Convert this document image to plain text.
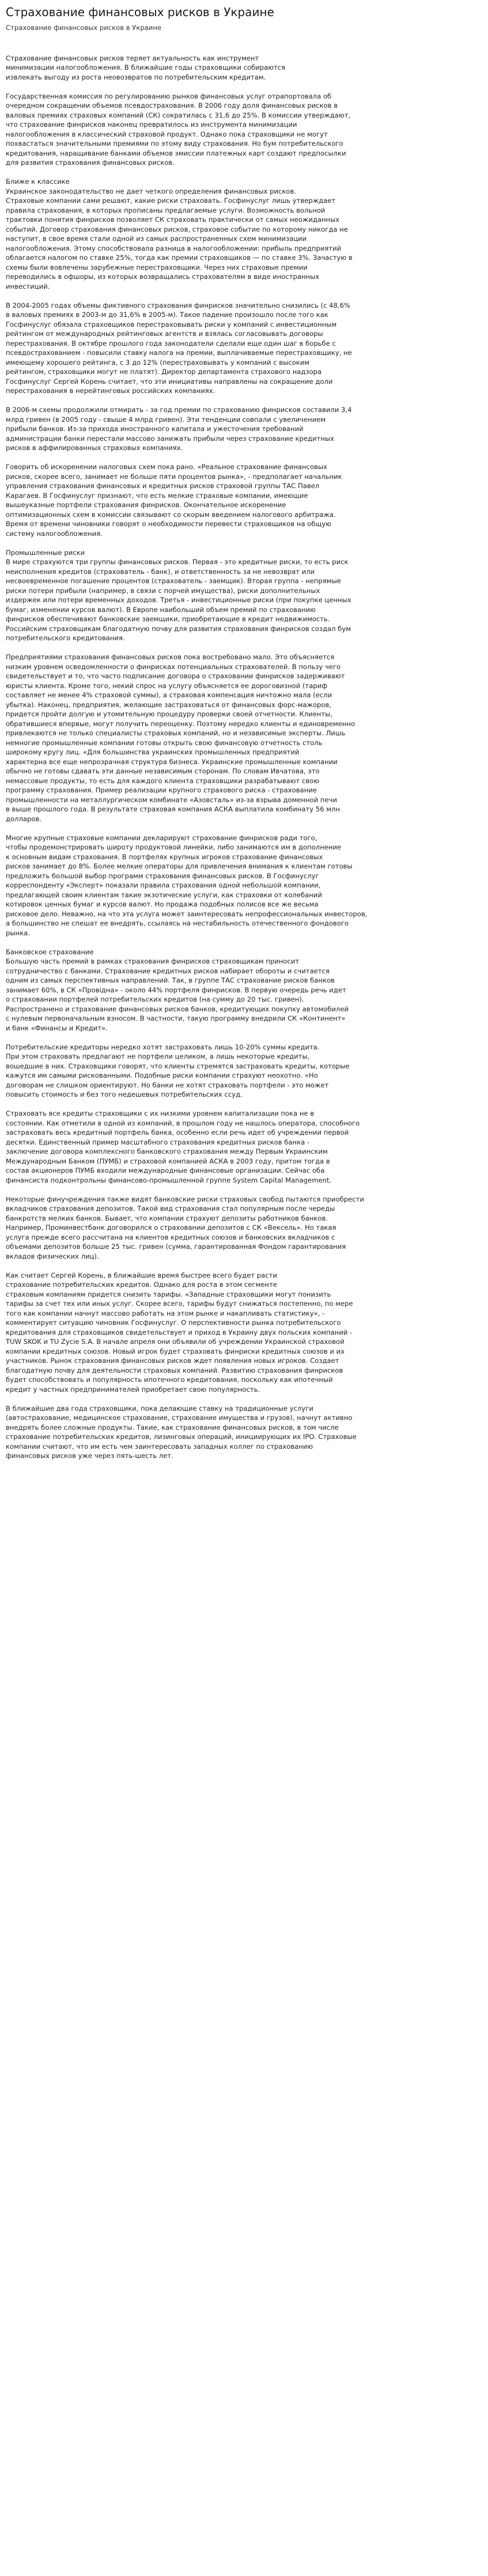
Страхование финансовых рисков в Украине
Страхование финансовых рисков в Украине

Страхование финансовых рисков теряет актуальность как инструмент

минимизации налогообложения. В ближайшие годы страховщики собираются

извлекать выгоду из роста неовозвратов по потребительским кредитам.

Государственная комиссия по регулированию рынков финансовых услуг отрапортовала об

очередном сокращении объемов псевдострахования. В 2006 году доля финансовых рисков в

валовых премиях страховых компаний (СК) сократилась с 31,6 до 25%. В комиссии утверждают,

что страхование финрисков наконец превратилось из инструмента минимизации

налогообложения в классический страховой продукт. Однако пока страховщики не могут

похвастаться значительными премиями по этому виду страхования. Но бум потребительского

кредитования, наращивание банками объемов эмиссии платежных карт создают предпосылки

для развития страхования финансовых рисков.

Ближе к классике

Украинское законодательство не дает четкого определения финансовых рисков.

Страховые компании сами решают, какие риски страховать. Госфинуслуг лишь утверждает

правила страхования, в которых прописаны предлагаемые услуги. Возможность вольной

трактовки понятия финрисков позволяет СК страховать практически от самых неожиданных

событий. Договор страхования финансовых рисков, страховое событие по которому никогда не

наступит, в свое время стали одной из самых распространенных схем минимизации

налогообложения. Этому способствовала разница в налогообложении: прибыль предприятий

облагается налогом по ставке 25%, тогда как премии страховщиков — по ставке 3%. Зачастую в

схемы были вовлечены зарубежные перестраховщики. Через них страховые премии

переводились в офшоры, из которых возвращались страхователям в виде иностранных

инвестиций.

В 2004-2005 годах объемы фиктивного страхования финрисков значительно снизились (с 48,6%

в валовых премиях в 2003-м до 31,6% в 2005-м). Такое падение произошло после того как

Госфинуслуг обязала страховщиков перестраховывать риски у компаний с инвестиционным

рейтингом от международных рейтинговых агентств и взялась согласовывать договоры

перестрахования. В октябре прошлого года законодатели сделали еще один шаг в борьбе с

псевдострахованием - повысили ставку налога на премии, выплачиваемые перестраховщику, не

имеющему хорошего рейтинга, с 3 до 12% (перестраховывать у компаний с высоким

рейтингом, страховщики могут не платят). Директор департамента страхового надзора

Госфинуслуг Сергей Корень считает, что эти инициативы направлены на сокращение доли

перестрахования в нерейтинговых российских компаниях.

В 2006-м схемы продолжили отмирать - за год премии по страхованию финрисков составили 3,4

млрд гривен (в 2005 году - свыше 4 млрд гривен). Эти тенденции совпали с увеличением

прибыли банков. Из-за прихода иностранного капитала и ужесточения требований

администрации банки перестали массово занижать прибыли через страхование кредитных

рисков в аффилированных страховых компаниях.

Говорить об искоренении налоговых схем пока рано. «Реальное страхование финансовых

рисков, скорее всего, занимает не больше пяти процентов рынка», - предполагает начальник

управления страхования финансовых и кредитных рисков страховой группы ТАС Павел

Карагаев. В Госфинуслуг признают, что есть мелкие страховые компании, имеющие

вышеуказные портфели страхования финрисков. Окончательное искоренение

оптимизационных схем в комиссии связывают со скорым введением налогового арбитража.

Время от времени чиновники говорят о необходимости перевести страховщиков на общую

систему налогообложения.

Промышленные риски

В мире страхуются три группы финансовых рисков. Первая - это кредитные риски, то есть риск

неисполнения кредитов (страхователь - банк), и ответственность за не невозврат или

несвоевременное погашение процентов (страхователь - заемщик). Вторая группа - непрямые

риски потери прибыли (например, в связи с порчей имущества), риски дополнительных

издержек или потери временных доходов. Третья - инвестиционные риски (при покупке ценных

бумаг, изменении курсов валют). В Европе наибольший объем премий по страхованию

финрисков обеспечивают банковские заемщики, приобретающие в кредит недвижимость.

Российским страховщикам благодатную почву для развития страхования финрисков создал бум

потребительского кредитования.

Предприятиями страхования финансовых рисков пока востребовано мало. Это объясняется

низким уровнем осведомленности о финрисках потенциальных страхователей. В пользу чего

свидетельствует и то, что часто подписание договора о страховании финрисков задерживают

юристы клиента. Кроме того, некий спрос на услугу объясняется ее дороговизной (тариф

составляет не менее 4% страховой суммы), а страховая компенсация ничтожно мала (если

убытка). Наконец, предприятия, желающие застраховаться от финансовых форс-мажоров,

придется пройти долгую и утомительную процедуру проверки своей отчетности. Клиенты,

обратившиеся впервые, могут получить переоценку. Поэтому нередко клиенты и единовременно

привлекаются не только специалисты страховых компаний, но и независимые эксперты. Лишь

немногие промышленные компании готовы открыть свою финансовую отчетность столь

широкому кругу лиц. «Для большинства украинских промышленных предприятий

характерна все еще непрозрачная структура бизнеса. Украинские промышленные компании

обычно не готовы сдавать эти данные независимым сторонам. По словам Ивчатова, это

немассовые продукты, то есть для каждого клиента страховщики разрабатывают свою

программу страхования. Пример реализации крупного страхового риска - страхование

промышленности на металлургическом комбинате «Азовсталь» из-за взрыва доменной печи

в выше прошлого года. В результате страховая компания АСКА выплатила комбинату 56 млн

долларов.

Многие крупные страховые компании декларируют страхование финрисков ради того,

чтобы продемонстрировать широту продуктовой линейки, либо занимаются им в дополнение

к основным видам страхования. В портфелях крупных игроков страхование финансовых

рисков занимает до 8%. Более мелкие операторы для привлечения внимания к клиентам готовы

предложить большой выбор программ страхования финансовых рисков. В Госфинуслуг

корреспонденту «Эксперт» показали правила страхования одной небольшой компании,

предлагающей своим клиентам такие экзотические услуги, как страховки от колебаний

котировок ценных бумаг и курсов валют. Но продажа подобных полисов все же весьма

рисковое дело. Неважно, на что эта услуга может заинтересовать непрофессиональных инвесторов,

а большинство не спешат ее внедрять, ссылаясь на нестабильность отечественного фондового

рынка.

Банковское страхование

Большую часть премий в рамках страхования финрисков страховщикам приносит

сотрудничество с банками. Страхование кредитных рисков набирает обороты и считается

одним из самых перспективных направлений. Так, в группе ТАС страхование рисков банков

занимает 60%, в СК «Провідна» - около 44% портфеля финрисков. В первую очередь речь идет

о страховании портфелей потребительских кредитов (на сумму до 20 тыс. гривен).

Распространено и страхование финансовых рисков банков, кредитующих покупку автомобилей

с нулевым первоначальным взносом. В частности, такую программу внедрили СК «Континент»

и банк «Финансы и Кредит».

Потребительские кредиторы нередко хотят застраховать лишь 10-20% суммы кредита.

При этом страховать предлагают не портфели целиком, а лишь некоторые кредиты,

вошедшие в них. Страховщики говорят, что клиенты стремятся застраховать кредиты, которые

кажутся им самыми рискованными. Подобные риски компании страхуют неохотно. «Но

договорам не слишком ориентируют. Но банки не хотят страховать портфели - это может

повысить стоимость и без того недешевых потребительских ссуд.

Страховать все кредиты страховщики с их низкими уровнем капитализации пока не в

состоянии. Как отметили в одной из компаний, в прошлом году не нашлось оператора, способного

застраховать весь кредитный портфель банка, особенно если речь идет об учреждении первой

десятки. Единственный пример масштабного страхования кредитных рисков банка -

заключение договора комплексного банковского страхования между Первым Украинским

Международным Банком (ПУМБ) и страховой компанией АСКА в 2003 году, притом тогда в

состав акционеров ПУМБ входили международные финансовые организации. Сейчас оба

финансиста подконтрольны финансово-промышленной группе System Capital Management.

Некоторые финучреждения также видят банковские риски страховых свобод пытаются приобрести

вкладчиков страхования депозитов. Такой вид страхования стал популярным после череды

банкротств мелких банков. Бывает, что компании страхуют депозиты работников банков.

Например, Проминвестбанк договорился о страховании депозитов с СК «Вексель». Но такая

услуга прежде всего рассчитана на клиентов кредитных союзов и банковских вкладчиков с

объемами депозитов больше 25 тыс. гривен (сумма, гарантированная Фондом гарантирования

вкладов физических лиц).

Как считает Сергей Корень, в ближайшие время быстрее всего будет расти

страхование потребительских кредитов. Однако для роста в этом сегменте

страховым компаниям придется снизить тарифы. «Западные страховщики могут понизить

тарифы за счет тех или иных услуг. Скорее всего, тарифы будут снижаться постепенно, по мере

того как компании начнут массово работать на этом рынке и накапливать статистику», -

комментирует ситуацию чиновник Госфинуслуг. О перспективности рынка потребительского

кредитования для страховщиков свидетельствует и приход в Украину двух польских компаний -

TUW SKOK и TU Zycie S.A. В начале апреля они объявили об учреждении Украинской страховой

компании кредитных союзов. Новый игрок будет страховать финриски кредитных союзов и их

участников. Рынок страхования финансовых рисков ждет появления новых игроков. Создает

благодатную почву для деятельности страховых компаний. Развитию страхования финрисков

будет способствовать и популярность ипотечного кредитования, поскольку как ипотечный

кредит у частных предпринимателей приобретает свою популярность.

В ближайшие два года страховщики, пока делающие ставку на традиционные услуги

(автострахование, медицинское страхование, страхование имущества и грузов), начнут активно

внедрять более сложные продукты. Такие, как страхование финансовых рисков, в том числе

страхование потребительских кредитов, лизинговых операций, инициирующих их IPO. Страховые

компании считают, что им есть чем заинтересовать западных коллег по страхованию

финансовых рисков уже через пять-шесть лет.
